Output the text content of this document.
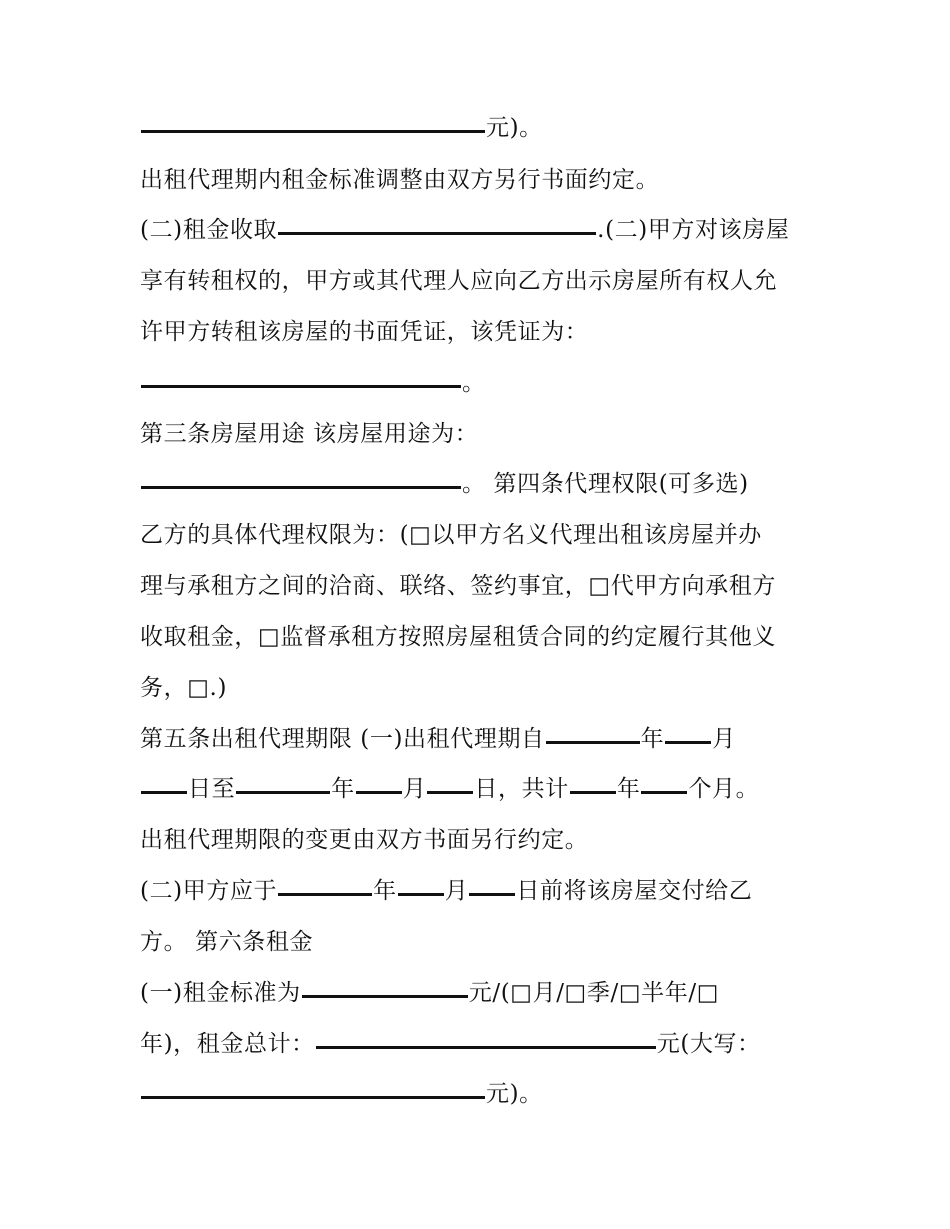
元)。
出租代理期内租金标准调整由双方另行书面约定。
(二)租金收取	.(二)甲方对该房屋
享有转租权的，甲方或其代理人应向乙方出示房屋所有权人允
许甲方转租该房屋的书面凭证，该凭证为：
。
第三条房屋用途 该房屋用途为：
。 第四条代理权限(可多选)
乙方的具体代理权限为：(□以甲方名义代理出租该房屋并办
理与承租方之间的洽商、联络、签约事宜，□代甲方向承租方
收取租金，□监督承租方按照房屋租赁合同的约定履行其他义
务，□.)
第五条出租代理期限 (一)出租代理期自	年 月
日至	年 月 日，共计 年 个月。
出租代理期限的变更由双方书面另行约定。
(二)甲方应于	年 月 日前将该房屋交付给乙
方。 第六条租金
(一)租金标准为	元/(□月/□季/□半年/□
年)，租金总计：	元(大写：
元)。
